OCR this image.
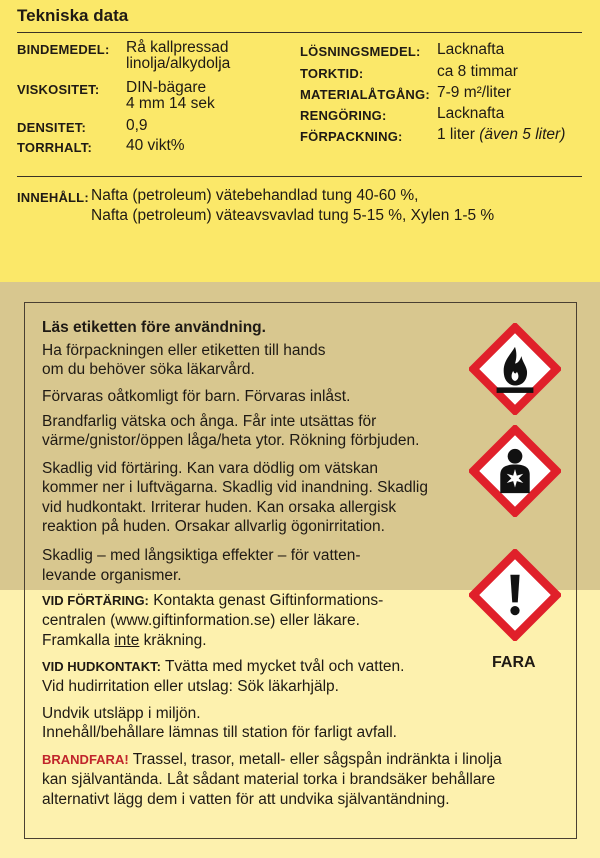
Tekniska data
BINDEMEDEL: Rå kallpressad
linolja/alkydolja
VISKOSITET: DIN-bägare
4 mm 14 sek
DENSITET:	0,9
TORRHALT: 40 vikt%
LÖSNINGSMEDEL: Lacknafta
TORKTID:	ca 8 timmar
MATERIALÅTGÅNG: 7-9 m²/liter
RENGÖRING:	Lacknafta
FÖRPACKNING: 1 liter (även 5 liter)
INNEHÅLL: Nafta (petroleum) vätebehandlad tung 40-60 %,
Nafta (petroleum) väteavsvavlad tung 5-15 %, Xylen 1-5 %
Läs etiketten före användning.
Ha förpackningen eller etiketten till hands
om du behöver söka läkarvård.
Förvaras oåtkomligt för barn. Förvaras inlåst.
Brandfarlig vätska och ånga. Får inte utsättas för
värme/gnistor/öppen låga/heta ytor. Rökning förbjuden.
Skadlig vid förtäring. Kan vara dödlig om vätskan
kommer ner i luftvägarna. Skadlig vid inandning. Skadlig
vid hudkontakt. Irriterar huden. Kan orsaka allergisk
reaktion på huden. Orsakar allvarlig ögonirritation.
Skadlig – med långsiktiga effekter – för vatten-
levande organismer.
VID FÖRTÄRING: Kontakta genast Giftinformations-
centralen (www.giftinformation.se) eller läkare.
Framkalla inte kräkning.
VID HUDKONTAKT: Tvätta med mycket tvål och vatten.
Vid hudirritation eller utslag: Sök läkarhjälp.
Undvik utsläpp i miljön.
Innehåll/behållare lämnas till station för farligt avfall.
BRANDFARA! Trassel, trasor, metall- eller sågspån indränkta i linolja
kan självantända. Låt sådant material torka i brandsäker behållare
alternativt lägg dem i vatten för att undvika självantändning.
FARA
